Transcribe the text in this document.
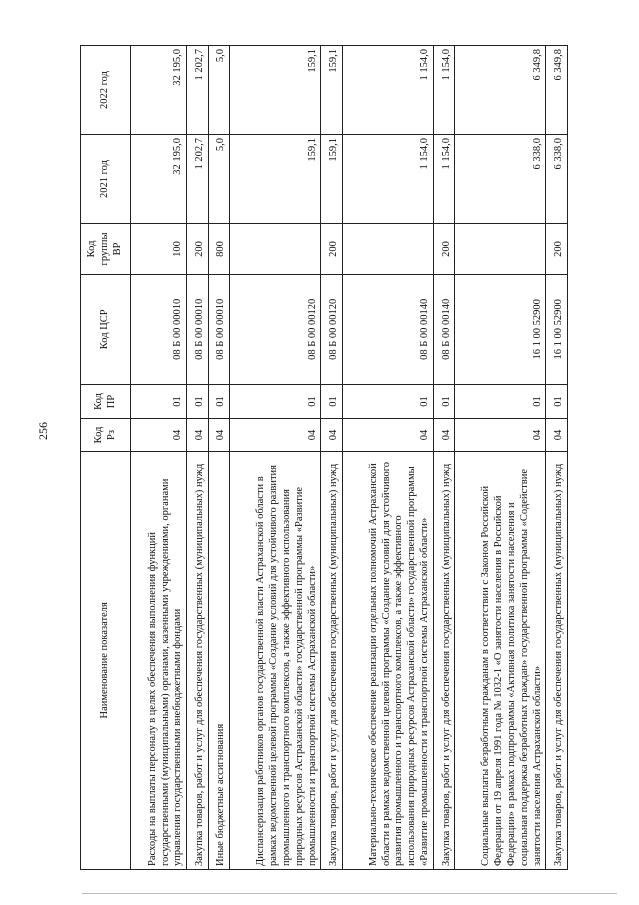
256
Наименование показателя	Код Рз	Код ПР	Код ЦСР	Код группы ВР	2021 год	2022 год
Расходы на выплаты персоналу в целях обеспечения выполнения функций государственными (муниципальными) органами, казенными учреждениями, органами управления государственными внебюджетными фондами	04	01	08 Б 00 00010	100	32 195,0	32 195,0
Закупка товаров, работ и услуг для обеспечения государственных (муниципальных) нужд	04	01	08 Б 00 00010	200	1 202,7	1 202,7
Иные бюджетные ассигнования	04	01	08 Б 00 00010	800	5,0	5,0
Диспансеризация работников органов государственной власти Астраханской области в рамках ведомственной целевой программы «Создание условий для устойчивого развития промышленного и транспортного комплексов, а также эффективного использования природных ресурсов Астраханской области» государственной программы «Развитие промышленности и транспортной системы Астраханской области»	04	01	08 Б 00 00120		159,1	159,1
Закупка товаров, работ и услуг для обеспечения государственных (муниципальных) нужд	04	01	08 Б 00 00120	200	159,1	159,1
Материально-техническое обеспечение реализации отдельных полномочий Астраханской области в рамках ведомственной целевой программы «Создание условий для устойчивого развития промышленного и транспортного комплексов, а также эффективного использования природных ресурсов Астраханской области» государственной программы «Развитие промышленности и транспортной системы Астраханской области»	04	01	08 Б 00 00140		1 154,0	1 154,0
Закупка товаров, работ и услуг для обеспечения государственных (муниципальных) нужд	04	01	08 Б 00 00140	200	1 154,0	1 154,0
Социальные выплаты безработным гражданам в соответствии с Законом Российской Федерации от 19 апреля 1991 года № 1032-1 «О занятости населения в Российской Федерации» в рамках подпрограммы «Активная политика занятости населения и социальная поддержка безработных граждан» государственной программы «Содействие занятости населения Астраханской области»	04	01	16 1 00 52900		6 338,0	6 349,8
Закупка товаров, работ и услуг для обеспечения государственных (муниципальных) нужд	04	01	16 1 00 52900	200	6 338,0	6 349,8
